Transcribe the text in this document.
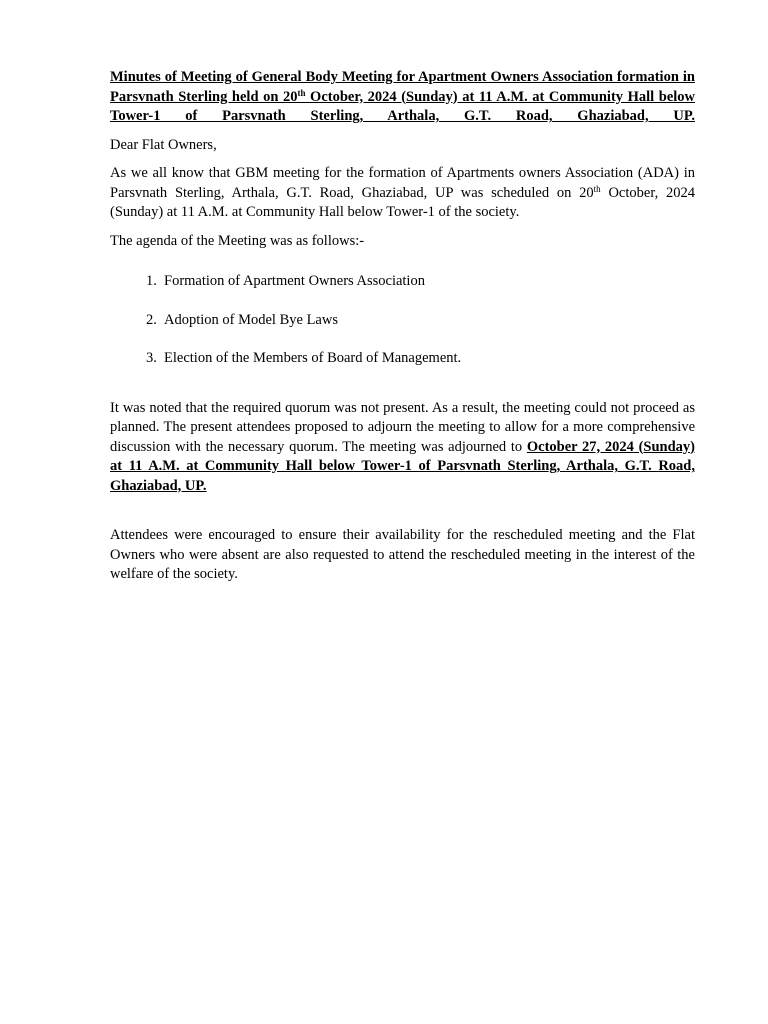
Minutes of Meeting of General Body Meeting for Apartment Owners Association formation in Parsvnath Sterling held on 20th October, 2024 (Sunday) at 11 A.M. at Community Hall below Tower-1 of Parsvnath Sterling, Arthala, G.T. Road, Ghaziabad, UP.

Dear Flat Owners,

As we all know that GBM meeting for the formation of Apartments owners Association (ADA) in Parsvnath Sterling, Arthala, G.T. Road, Ghaziabad, UP was scheduled on 20th October, 2024 (Sunday) at 11 A.M. at Community Hall below Tower-1 of the society.

The agenda of the Meeting was as follows:-

1. Formation of Apartment Owners Association
2. Adoption of Model Bye Laws
3. Election of the Members of Board of Management.

It was noted that the required quorum was not present. As a result, the meeting could not proceed as planned. The present attendees proposed to adjourn the meeting to allow for a more comprehensive discussion with the necessary quorum. The meeting was adjourned to October 27, 2024 (Sunday) at 11 A.M. at Community Hall below Tower-1 of Parsvnath Sterling, Arthala, G.T. Road, Ghaziabad, UP.

Attendees were encouraged to ensure their availability for the rescheduled meeting and the Flat Owners who were absent are also requested to attend the rescheduled meeting in the interest of the welfare of the society.
